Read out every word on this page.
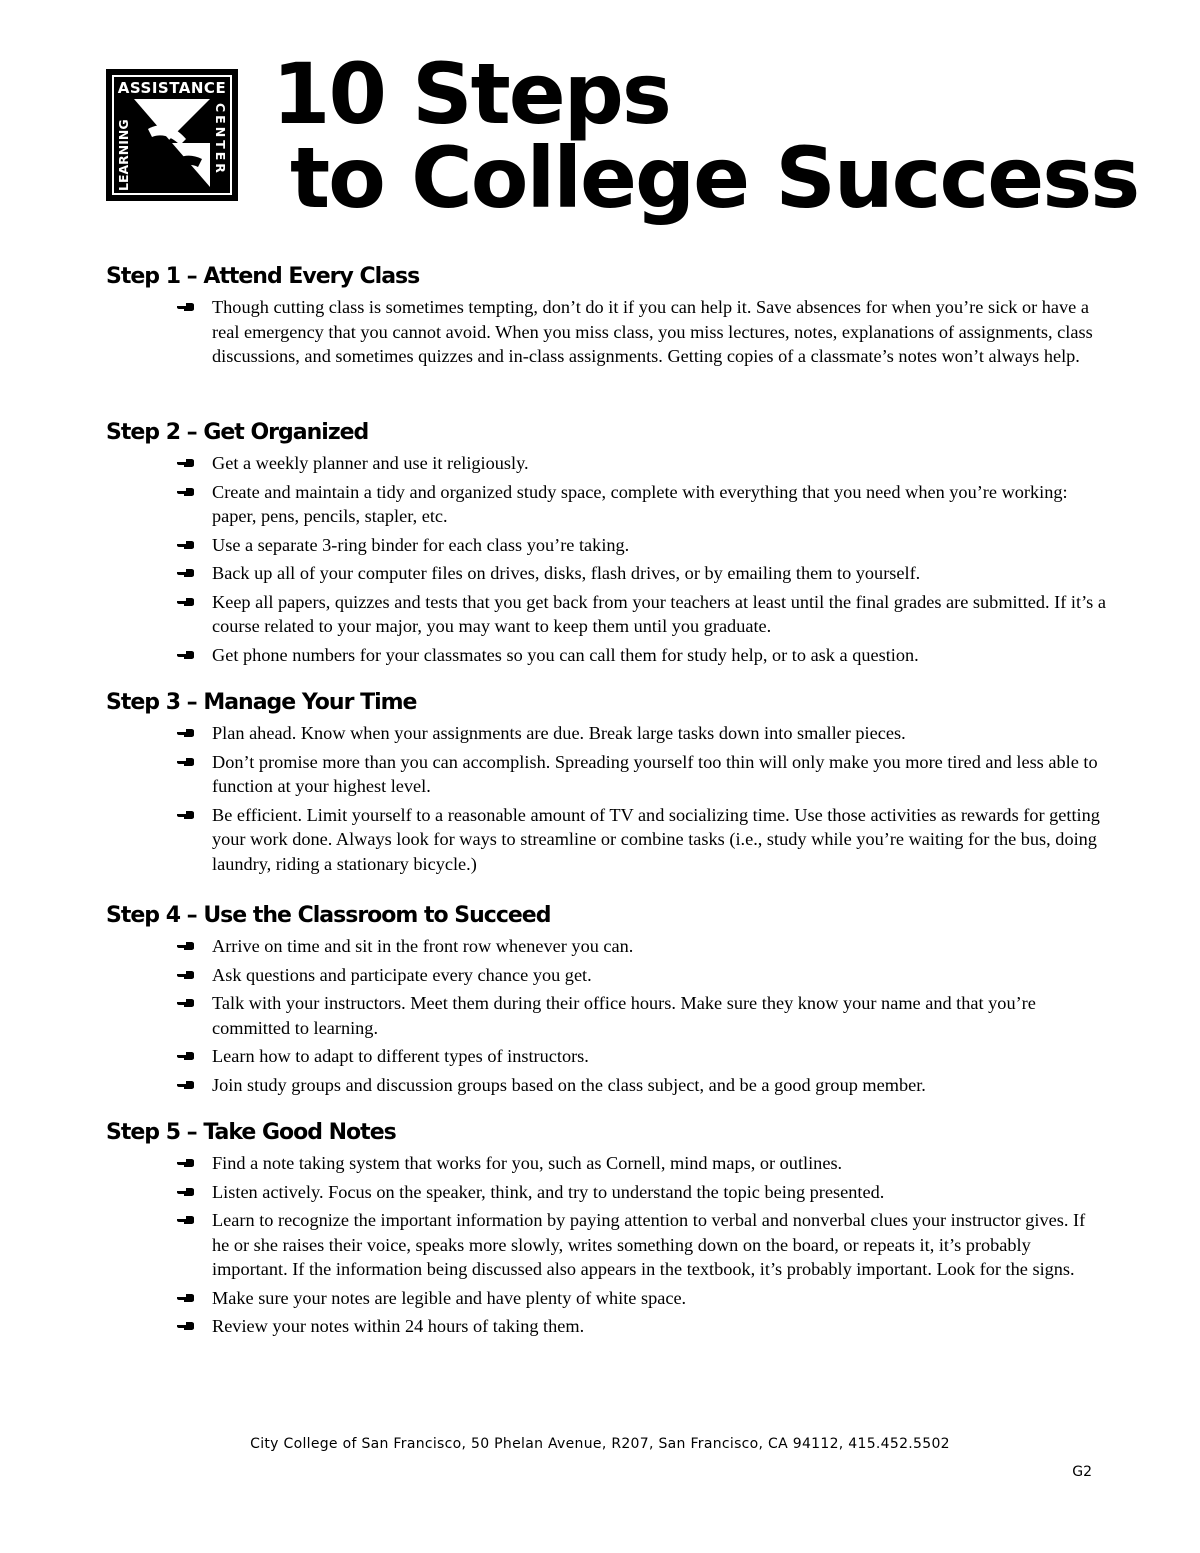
ASSISTANCE
LEARNING	CENTER 10 Steps
to College Success
Step 1 – Attend Every Class
Though cutting class is sometimes tempting, don’t do it if you can help it. Save absences for when you’re sick or have a real emergency that you cannot avoid. When you miss class, you miss lectures, notes, explanations of assignments, class discussions, and sometimes quizzes and in-class assignments. Getting copies of a classmate’s notes won’t always help.
Step 2 – Get Organized
Get a weekly planner and use it religiously.
Create and maintain a tidy and organized study space, complete with everything that you need when you’re working: paper, pens, pencils, stapler, etc.
Use a separate 3-ring binder for each class you’re taking.
Back up all of your computer files on drives, disks, flash drives, or by emailing them to yourself.
Keep all papers, quizzes and tests that you get back from your teachers at least until the final grades are submitted. If it’s a course related to your major, you may want to keep them until you graduate.
Get phone numbers for your classmates so you can call them for study help, or to ask a question.
Step 3 – Manage Your Time
Plan ahead. Know when your assignments are due. Break large tasks down into smaller pieces.
Don’t promise more than you can accomplish. Spreading yourself too thin will only make you more tired and less able to function at your highest level.
Be efficient. Limit yourself to a reasonable amount of TV and socializing time. Use those activities as rewards for getting your work done. Always look for ways to streamline or combine tasks (i.e., study while you’re waiting for the bus, doing laundry, riding a stationary bicycle.)
Step 4 – Use the Classroom to Succeed
Arrive on time and sit in the front row whenever you can.
Ask questions and participate every chance you get.
Talk with your instructors. Meet them during their office hours. Make sure they know your name and that you’re committed to learning.
Learn how to adapt to different types of instructors.
Join study groups and discussion groups based on the class subject, and be a good group member.
Step 5 – Take Good Notes
Find a note taking system that works for you, such as Cornell, mind maps, or outlines.
Listen actively. Focus on the speaker, think, and try to understand the topic being presented.
Learn to recognize the important information by paying attention to verbal and nonverbal clues your instructor gives. If he or she raises their voice, speaks more slowly, writes something down on the board, or repeats it, it’s probably important. If the information being discussed also appears in the textbook, it’s probably important. Look for the signs.
Make sure your notes are legible and have plenty of white space.
Review your notes within 24 hours of taking them.
City College of San Francisco, 50 Phelan Avenue, R207, San Francisco, CA 94112, 415.452.5502
G2
